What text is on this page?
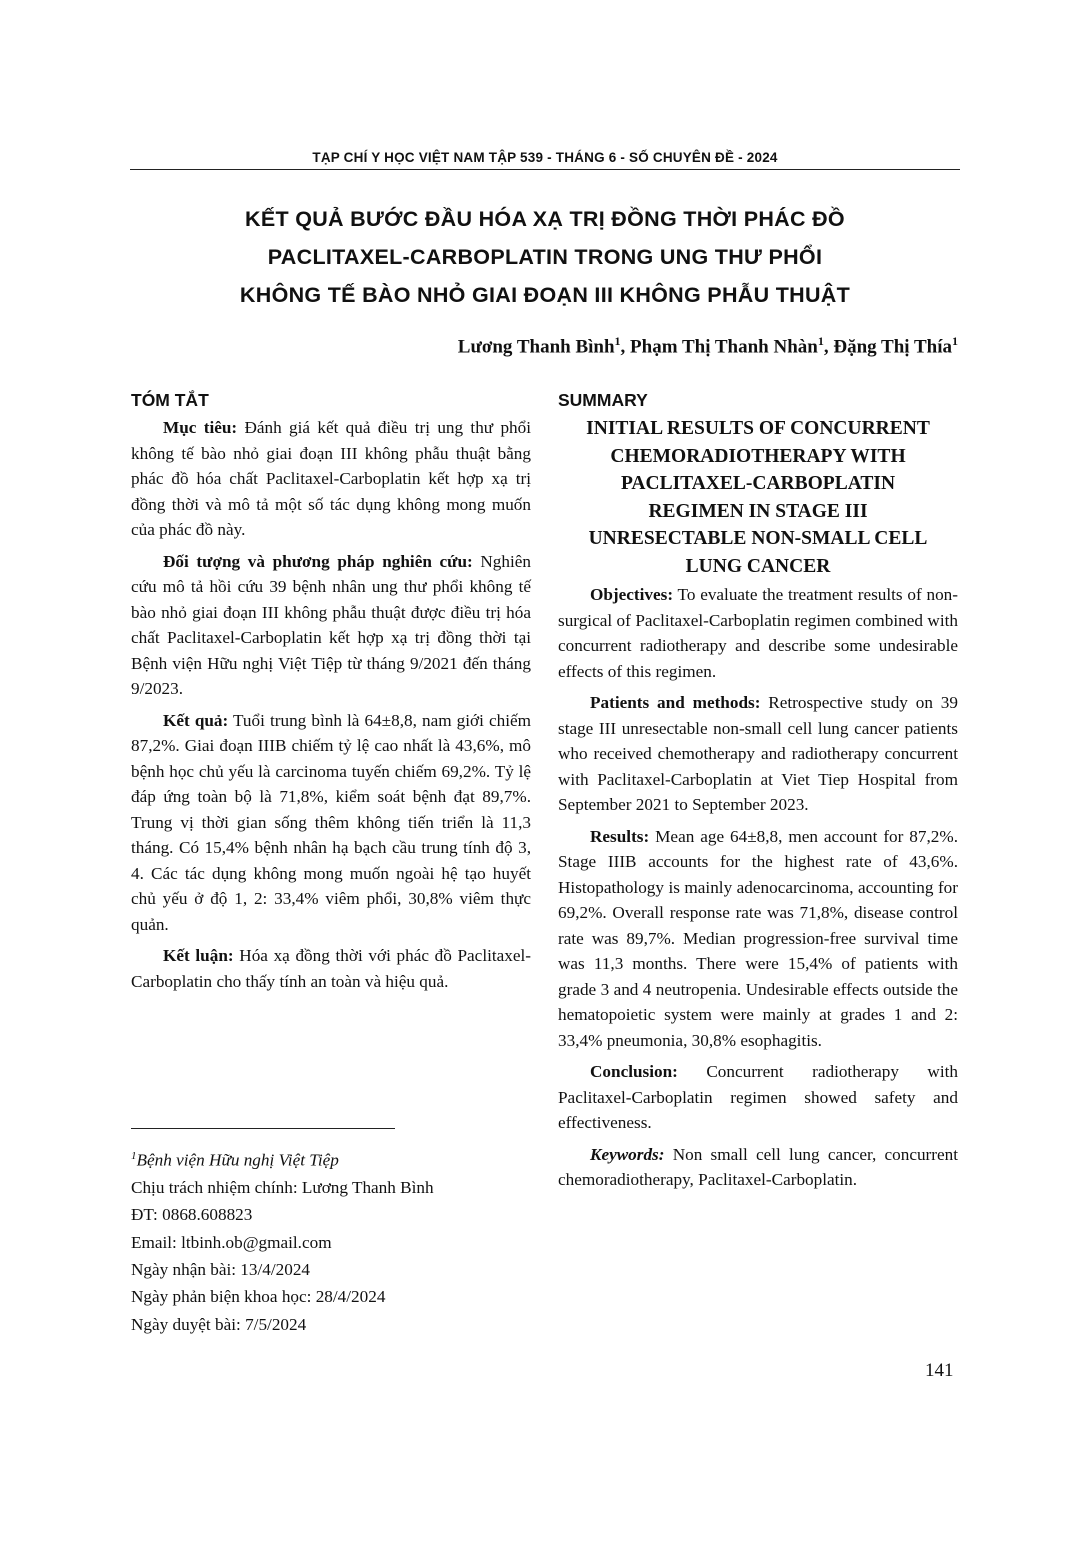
TẠP CHÍ Y HỌC VIỆT NAM TẬP 539 - THÁNG 6 - SỐ CHUYÊN ĐỀ - 2024
KẾT QUẢ BƯỚC ĐẦU HÓA XẠ TRỊ ĐỒNG THỜI PHÁC ĐỒ
PACLITAXEL-CARBOPLATIN TRONG UNG THƯ PHỔI
KHÔNG TẾ BÀO NHỎ GIAI ĐOẠN III KHÔNG PHẪU THUẬT
Lương Thanh Bình$^1$, Phạm Thị Thanh Nhàn$^1$, Đặng Thị Thía$^1$
TÓM TẮT

Mục tiêu: Đánh giá kết quả điều trị ung thư phổi không tế bào nhỏ giai đoạn III không phẫu thuật bằng phác đồ hóa chất Paclitaxel-Carboplatin kết hợp xạ trị đồng thời và mô tả một số tác dụng không mong muốn của phác đồ này.

Đối tượng và phương pháp nghiên cứu: Nghiên cứu mô tả hồi cứu 39 bệnh nhân ung thư phổi không tế bào nhỏ giai đoạn III không phẫu thuật được điều trị hóa chất Paclitaxel-Carboplatin kết hợp xạ trị đồng thời tại Bệnh viện Hữu nghị Việt Tiệp từ tháng 9/2021 đến tháng 9/2023.

Kết quả: Tuổi trung bình là 64±8,8, nam giới chiếm 87,2%. Giai đoạn IIIB chiếm tỷ lệ cao nhất là 43,6%, mô bệnh học chủ yếu là carcinoma tuyến chiếm 69,2%. Tỷ lệ đáp ứng toàn bộ là 71,8%, kiểm soát bệnh đạt 89,7%. Trung vị thời gian sống thêm không tiến triển là 11,3 tháng. Có 15,4% bệnh nhân hạ bạch cầu trung tính độ 3, 4. Các tác dụng không mong muốn ngoài hệ tạo huyết chủ yếu ở độ 1, 2: 33,4% viêm phổi, 30,8% viêm thực quản.

Kết luận: Hóa xạ đồng thời với phác đồ Paclitaxel-Carboplatin cho thấy tính an toàn và hiệu quả.

SUMMARY
INITIAL RESULTS OF CONCURRENT
CHEMORADIOTHERAPY WITH
PACLITAXEL-CARBOPLATIN
REGIMEN IN STAGE III
UNRESECTABLE NON-SMALL CELL
LUNG CANCER

Objectives: To evaluate the treatment results of non-surgical of Paclitaxel-Carboplatin regimen combined with concurrent radiotherapy and describe some undesirable effects of this regimen.

Patients and methods: Retrospective study on 39 stage III unresectable non-small cell lung cancer patients who received chemotherapy and radiotherapy concurrent with Paclitaxel-Carboplatin at Viet Tiep Hospital from September 2021 to September 2023.

Results: Mean age 64±8,8, men account for 87,2%. Stage IIIB accounts for the highest rate of 43,6%. Histopathology is mainly adenocarcinoma, accounting for 69,2%. Overall response rate was 71,8%, disease control rate was 89,7%. Median progression-free survival time was 11,3 months. There were 15,4% of patients with grade 3 and 4 neutropenia. Undesirable effects outside the hematopoietic system were mainly at grades 1 and 2: 33,4% pneumonia, 30,8% esophagitis.

Conclusion: Concurrent radiotherapy with Paclitaxel-Carboplatin regimen showed safety and effectiveness.

Keywords: Non small cell lung cancer, concurrent chemoradiotherapy, Paclitaxel-Carboplatin.

$^1$Bệnh viện Hữu nghị Việt Tiệp
Chịu trách nhiệm chính: Lương Thanh Bình
ĐT: 0868.608823
Email: ltbinh.ob@gmail.com
Ngày nhận bài: 13/4/2024
Ngày phản biện khoa học: 28/4/2024
Ngày duyệt bài: 7/5/2024
141
